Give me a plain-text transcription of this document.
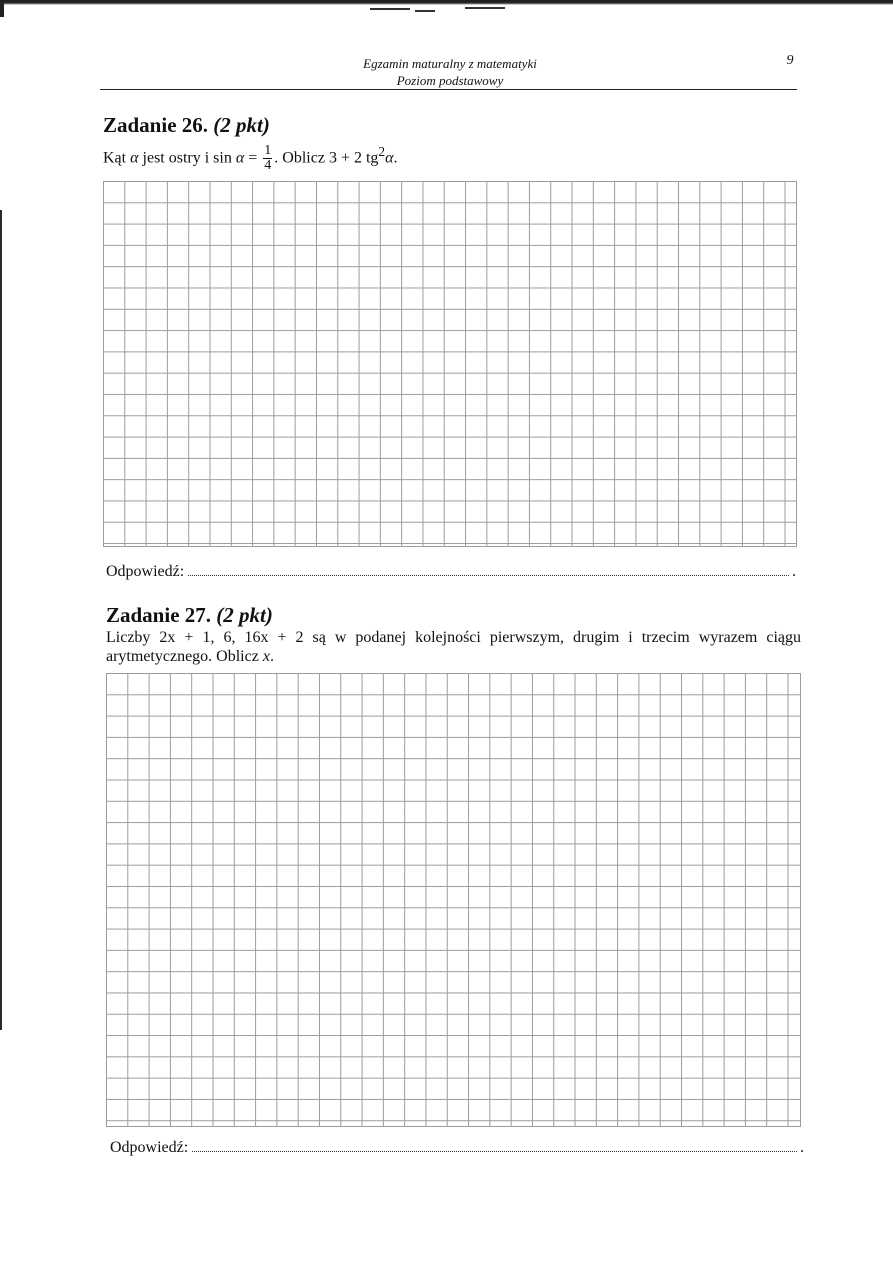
Egzamin maturalny z matematyki
Poziom podstawowy
9
Zadanie 26. (2 pkt)
Kąt α jest ostry i $\sin \alpha = \frac{1}{4}$ . Oblicz 3 + 2 $tg^2\alpha$.
Odpowiedź:	.
Zadanie 27. (2 pkt)
Liczby 2x + 1, 6, 16x + 2 są w podanej kolejności pierwszym, drugim i trzecim wyrazem ciągu arytmetycznego. Oblicz x.
Odpowiedź:	.
